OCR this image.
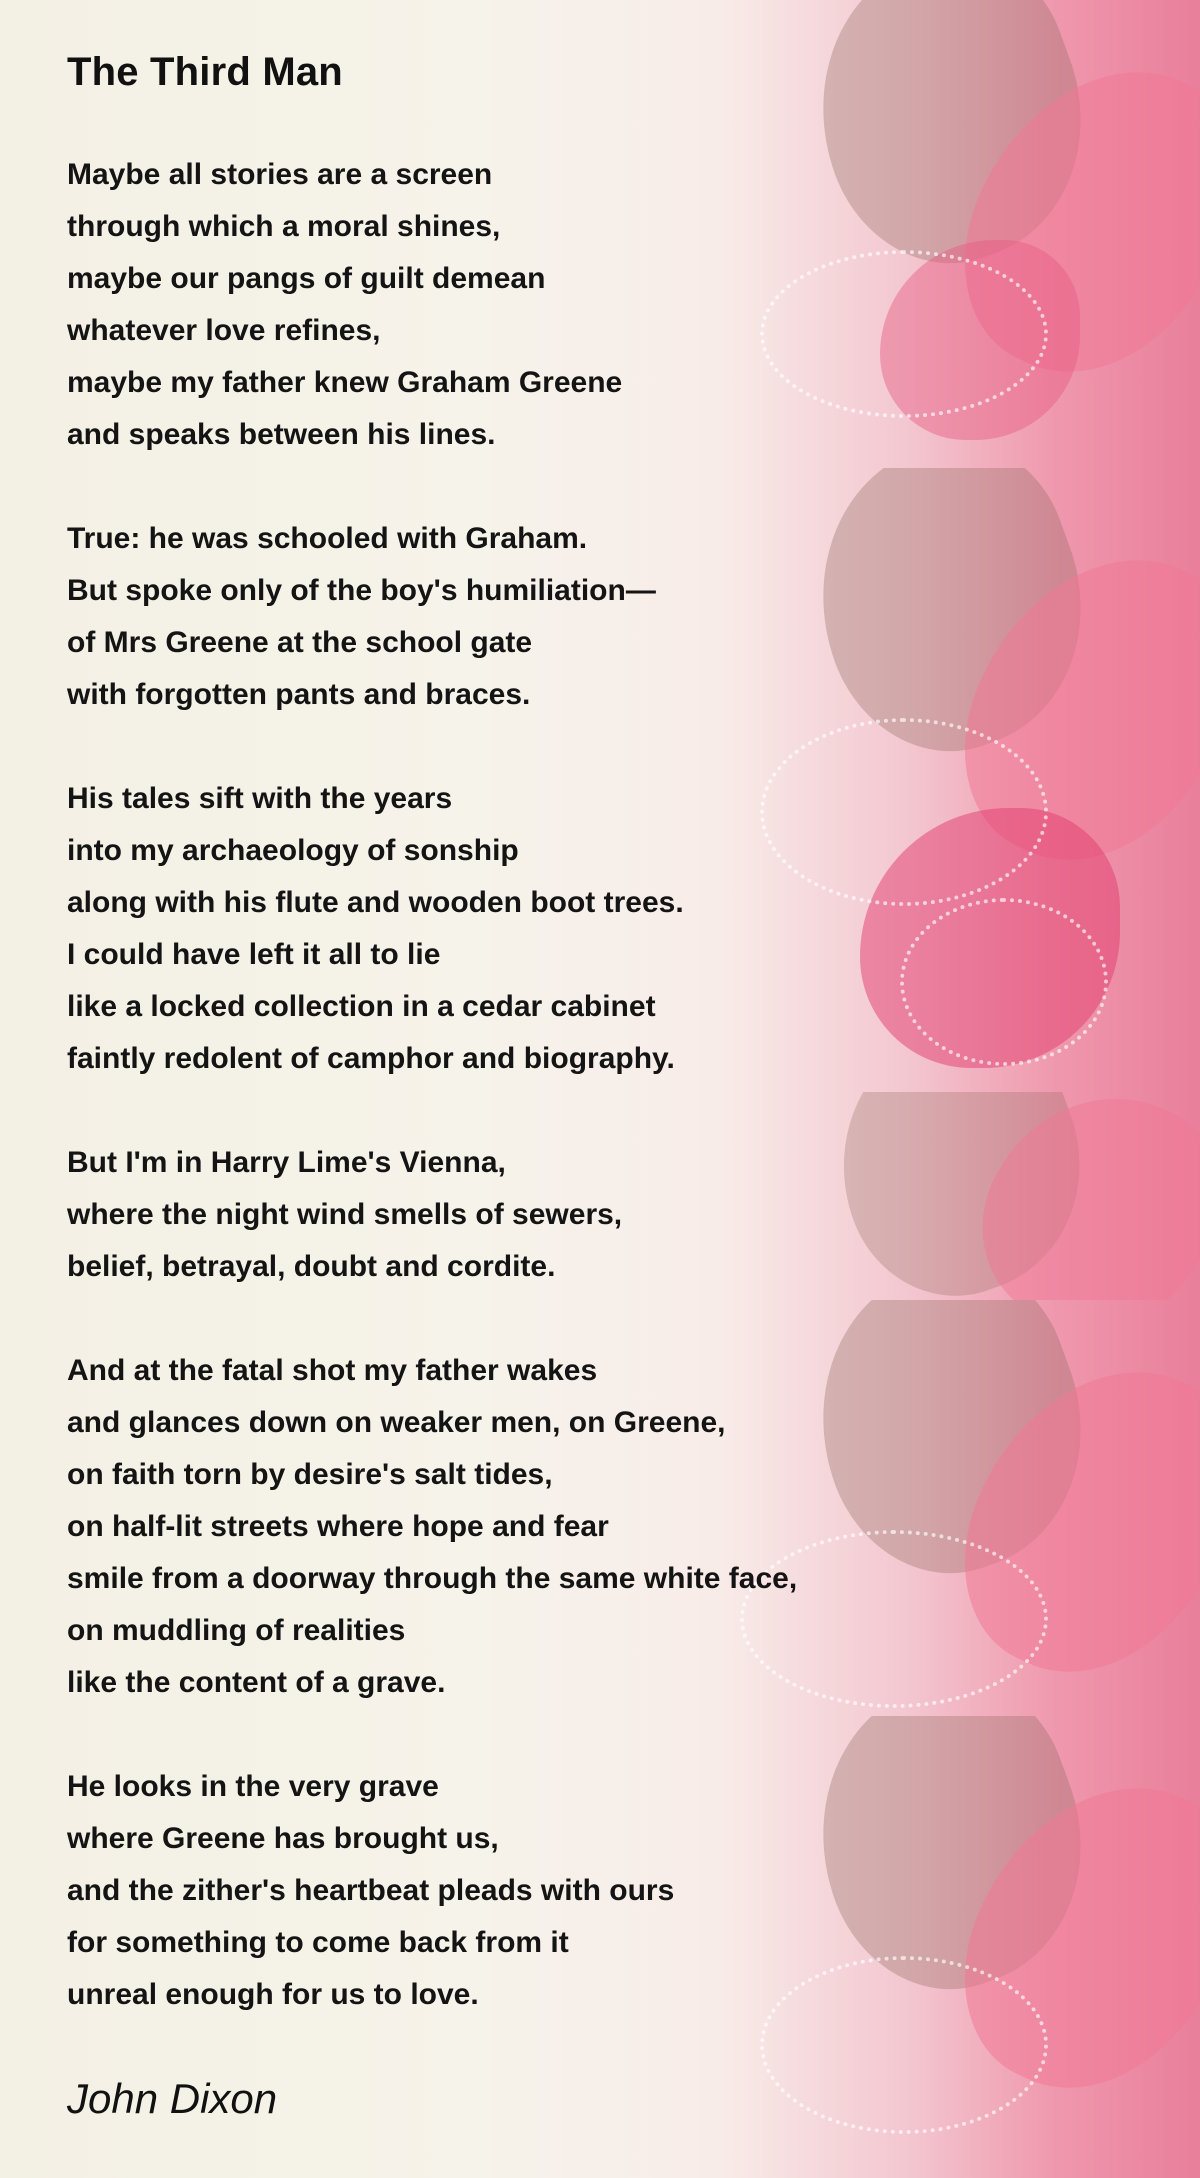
The Third Man
Maybe all stories are a screen
through which a moral shines,
maybe our pangs of guilt demean
whatever love refines,
maybe my father knew Graham Greene
and speaks between his lines.
True: he was schooled with Graham.
But spoke only of the boy's humiliation—
of Mrs Greene at the school gate
with forgotten pants and braces.
His tales sift with the years
into my archaeology of sonship
along with his flute and wooden boot trees.
I could have left it all to lie
like a locked collection in a cedar cabinet
faintly redolent of camphor and biography.
But I'm in Harry Lime's Vienna,
where the night wind smells of sewers,
belief, betrayal, doubt and cordite.
And at the fatal shot my father wakes
and glances down on weaker men, on Greene,
on faith torn by desire's salt tides,
on half-lit streets where hope and fear
smile from a doorway through the same white face,
on muddling of realities
like the content of a grave.
He looks in the very grave
where Greene has brought us,
and the zither's heartbeat pleads with ours
for something to come back from it
unreal enough for us to love.

John Dixon
